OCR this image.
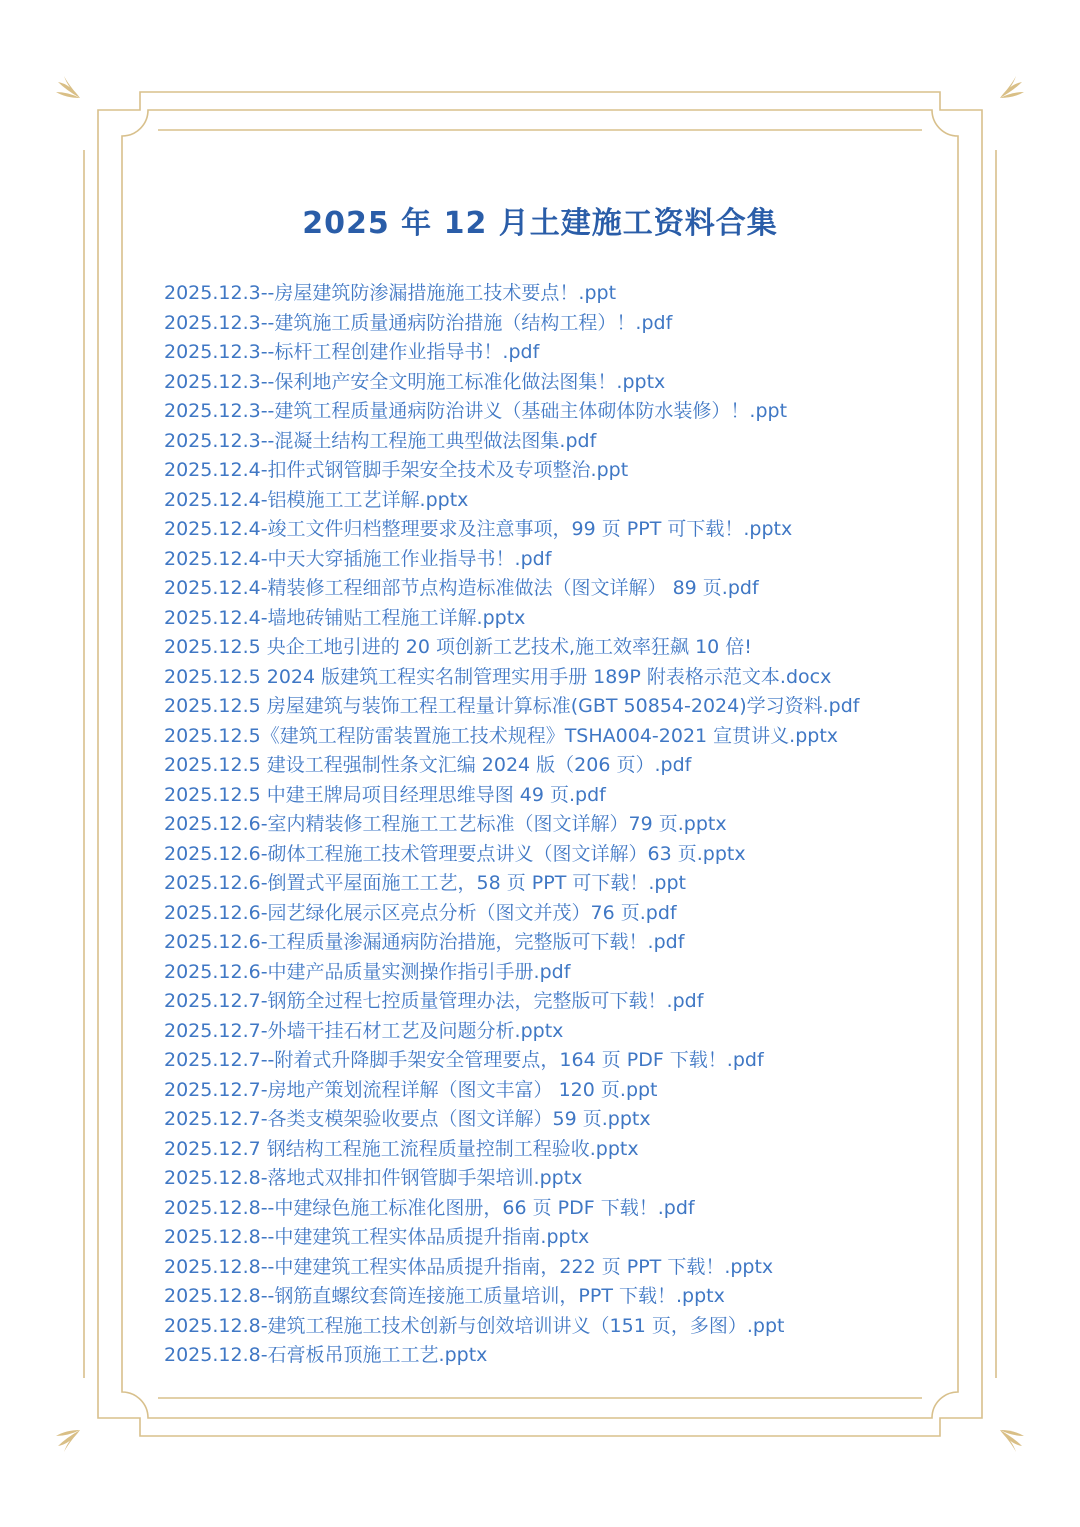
2025 年 12 月土建施工资料合集
2025.12.3--房屋建筑防渗漏措施施工技术要点！.ppt
2025.12.3--建筑施工质量通病防治措施（结构工程）！.pdf
2025.12.3--标杆工程创建作业指导书！.pdf
2025.12.3--保利地产安全文明施工标准化做法图集！.pptx
2025.12.3--建筑工程质量通病防治讲义（基础主体砌体防水装修）！.ppt
2025.12.3--混凝土结构工程施工典型做法图集.pdf
2025.12.4-扣件式钢管脚手架安全技术及专项整治.ppt
2025.12.4-铝模施工工艺详解.pptx
2025.12.4-竣工文件归档整理要求及注意事项，99 页 PPT 可下载！.pptx
2025.12.4-中天大穿插施工作业指导书！.pdf
2025.12.4-精装修工程细部节点构造标准做法（图文详解） 89 页.pdf
2025.12.4-墙地砖铺贴工程施工详解.pptx
2025.12.5 央企工地引进的 20 项创新工艺技术,施工效率狂飙 10 倍!
2025.12.5 2024 版建筑工程实名制管理实用手册 189P 附表格示范文本.docx
2025.12.5 房屋建筑与装饰工程工程量计算标准(GBT 50854-2024)学习资料.pdf
2025.12.5《建筑工程防雷装置施工技术规程》TSHA004-2021 宣贯讲义.pptx
2025.12.5 建设工程强制性条文汇编 2024 版（206 页）.pdf
2025.12.5 中建王牌局项目经理思维导图 49 页.pdf
2025.12.6-室内精装修工程施工工艺标准（图文详解）79 页.pptx
2025.12.6-砌体工程施工技术管理要点讲义（图文详解）63 页.pptx
2025.12.6-倒置式平屋面施工工艺，58 页 PPT 可下载！.ppt
2025.12.6-园艺绿化展示区亮点分析（图文并茂）76 页.pdf
2025.12.6-工程质量渗漏通病防治措施，完整版可下载！.pdf
2025.12.6-中建产品质量实测操作指引手册.pdf
2025.12.7-钢筋全过程七控质量管理办法，完整版可下载！.pdf
2025.12.7-外墙干挂石材工艺及问题分析.pptx
2025.12.7--附着式升降脚手架安全管理要点，164 页 PDF 下载！.pdf
2025.12.7-房地产策划流程详解（图文丰富） 120 页.ppt
2025.12.7-各类支模架验收要点（图文详解）59 页.pptx
2025.12.7 钢结构工程施工流程质量控制工程验收.pptx
2025.12.8-落地式双排扣件钢管脚手架培训.pptx
2025.12.8--中建绿色施工标准化图册，66 页 PDF 下载！.pdf
2025.12.8--中建建筑工程实体品质提升指南.pptx
2025.12.8--中建建筑工程实体品质提升指南，222 页 PPT 下载！.pptx
2025.12.8--钢筋直螺纹套筒连接施工质量培训，PPT 下载！.pptx
2025.12.8-建筑工程施工技术创新与创效培训讲义（151 页，多图）.ppt
2025.12.8-石膏板吊顶施工工艺.pptx
